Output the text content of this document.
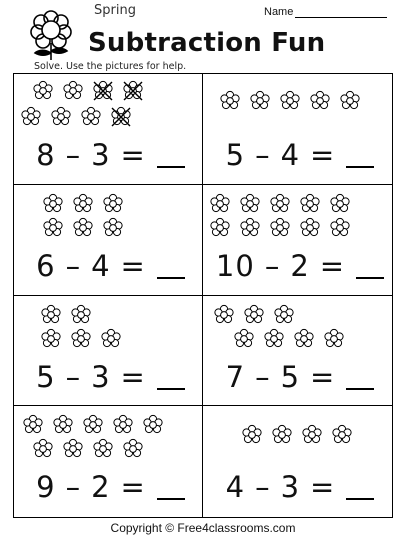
Name
Spring
Subtraction Fun
Solve. Use the pictures for help.
8 – 3 =	5 – 4 =
6 – 4 = 10 – 2 =
5 – 3 =	7 – 5 =
9 – 2 =	4 – 3 =
Copyright © Free4classrooms.com
